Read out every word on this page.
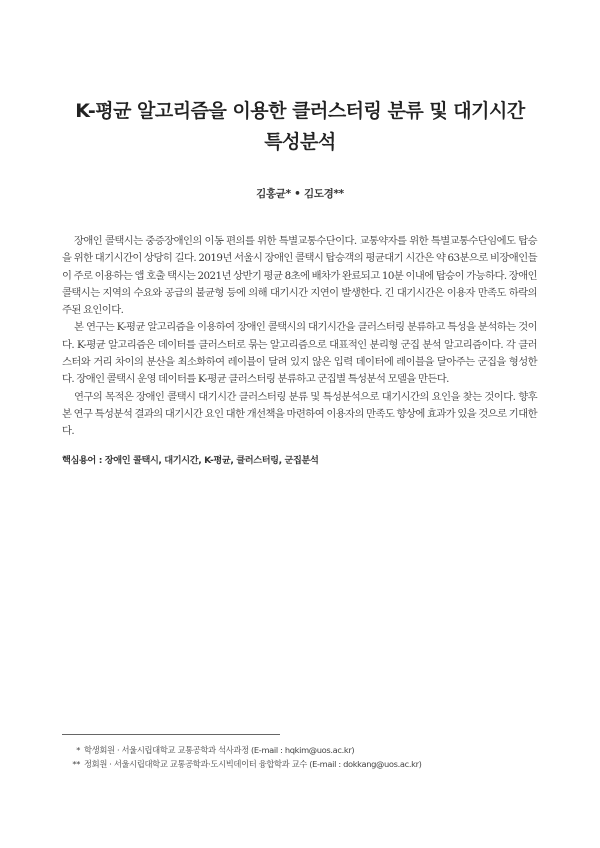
K-평균 알고리즘을 이용한 클러스터링 분류 및 대기시간
특성분석
김홍균* • 김도경**

장애인 콜택시는 중증장애인의 이동 편의를 위한 특별교통수단이다. 교통약자를 위한 특별교통수단임에도 탑승을 위한 대기시간이 상당히 길다. 2019년 서울시 장애인 콜택시 탑승객의 평균대기 시간은 약 63분으로 비장애인들이 주로 이용하는 앱 호출 택시는 2021년 상반기 평균 8초에 배차가 완료되고 10분 이내에 탑승이 가능하다. 장애인 콜택시는 지역의 수요와 공급의 불균형 등에 의해 대기시간 지연이 발생한다. 긴 대기시간은 이용자 만족도 하락의 주된 요인이다.

본 연구는 K-평균 알고리즘을 이용하여 장애인 콜택시의 대기시간을 클러스터링 분류하고 특성을 분석하는 것이다. K-평균 알고리즘은 데이터를 클러스터로 묶는 알고리즘으로 대표적인 분리형 군집 분석 알고리즘이다. 각 클러스터와 거리 차이의 분산을 최소화하여 레이블이 달려 있지 않은 입력 데이터에 레이블을 달아주는 군집을 형성한다. 장애인 콜택시 운영 데이터를 K-평균 클러스터링 분류하고 군집별 특성분석 모델을 만든다.

연구의 목적은 장애인 콜택시 대기시간 클러스터링 분류 및 특성분석으로 대기시간의 요인을 찾는 것이다. 향후 본 연구 특성분석 결과의 대기시간 요인 대한 개선책을 마련하여 이용자의 만족도 향상에 효과가 있을 것으로 기대한다.

핵심용어 : 장애인 콜택시, 대기시간, K-평균, 클러스터링, 군집분석
* 학생회원 · 서울시립대학교 교통공학과 석사과정 (E-mail : hqkim@uos.ac.kr)
** 정회원 · 서울시립대학교 교통공학과·도시빅데이터 융합학과 교수 (E-mail : dokkang@uos.ac.kr)
